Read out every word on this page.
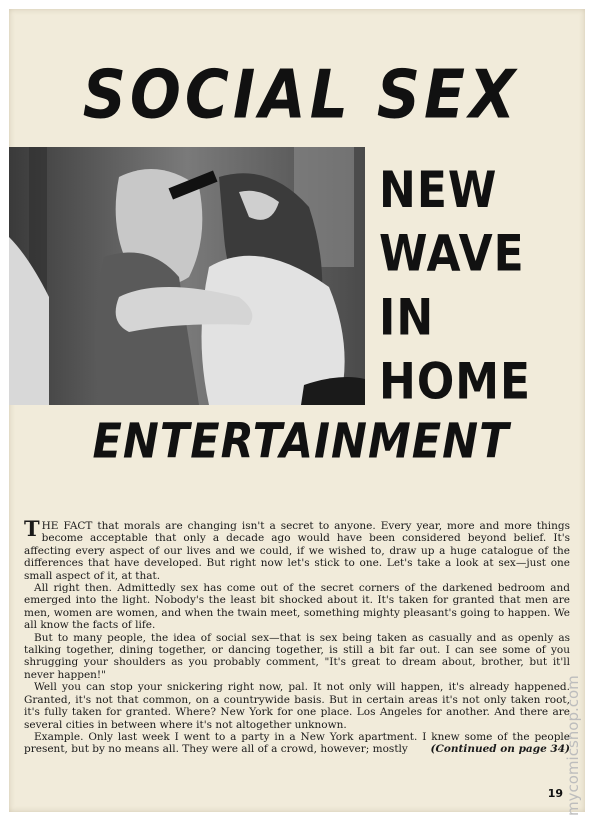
SOCIAL SEX
NEW
WAVE
IN
HOME
ENTERTAINMENT

THE FACT that morals are changing isn't a secret to anyone. Every year, more and more things become acceptable that only a decade ago would have been considered beyond belief. It's affecting every aspect of our lives and we could, if we wished to, draw up a huge catalogue of the differences that have developed. But right now let's stick to one. Let's take a look at sex—just one small aspect of it, at that.

All right then. Admittedly sex has come out of the secret corners of the darkened bedroom and emerged into the light. Nobody's the least bit shocked about it. It's taken for granted that men are men, women are women, and when the twain meet, something mighty pleasant's going to happen. We all know the facts of life.

But to many people, the idea of social sex—that is sex being taken as casually and as openly as talking together, dining together, or dancing together, is still a bit far out. I can see some of you shrugging your shoulders as you probably comment, "It's great to dream about, brother, but it'll never happen!"

Well you can stop your snickering right now, pal. It not only will happen, it's already happened. Granted, it's not that common, on a countrywide basis. But in certain areas it's not only taken root, it's fully taken for granted. Where? New York for one place. Los Angeles for another. And there are several cities in between where it's not altogether unknown.

Example. Only last week I went to a party in a New York apartment. I knew some of the people present, but by no means all. They were all of a crowd, however; mostly	(Continued on page 34)

19 mycomicshop.com
